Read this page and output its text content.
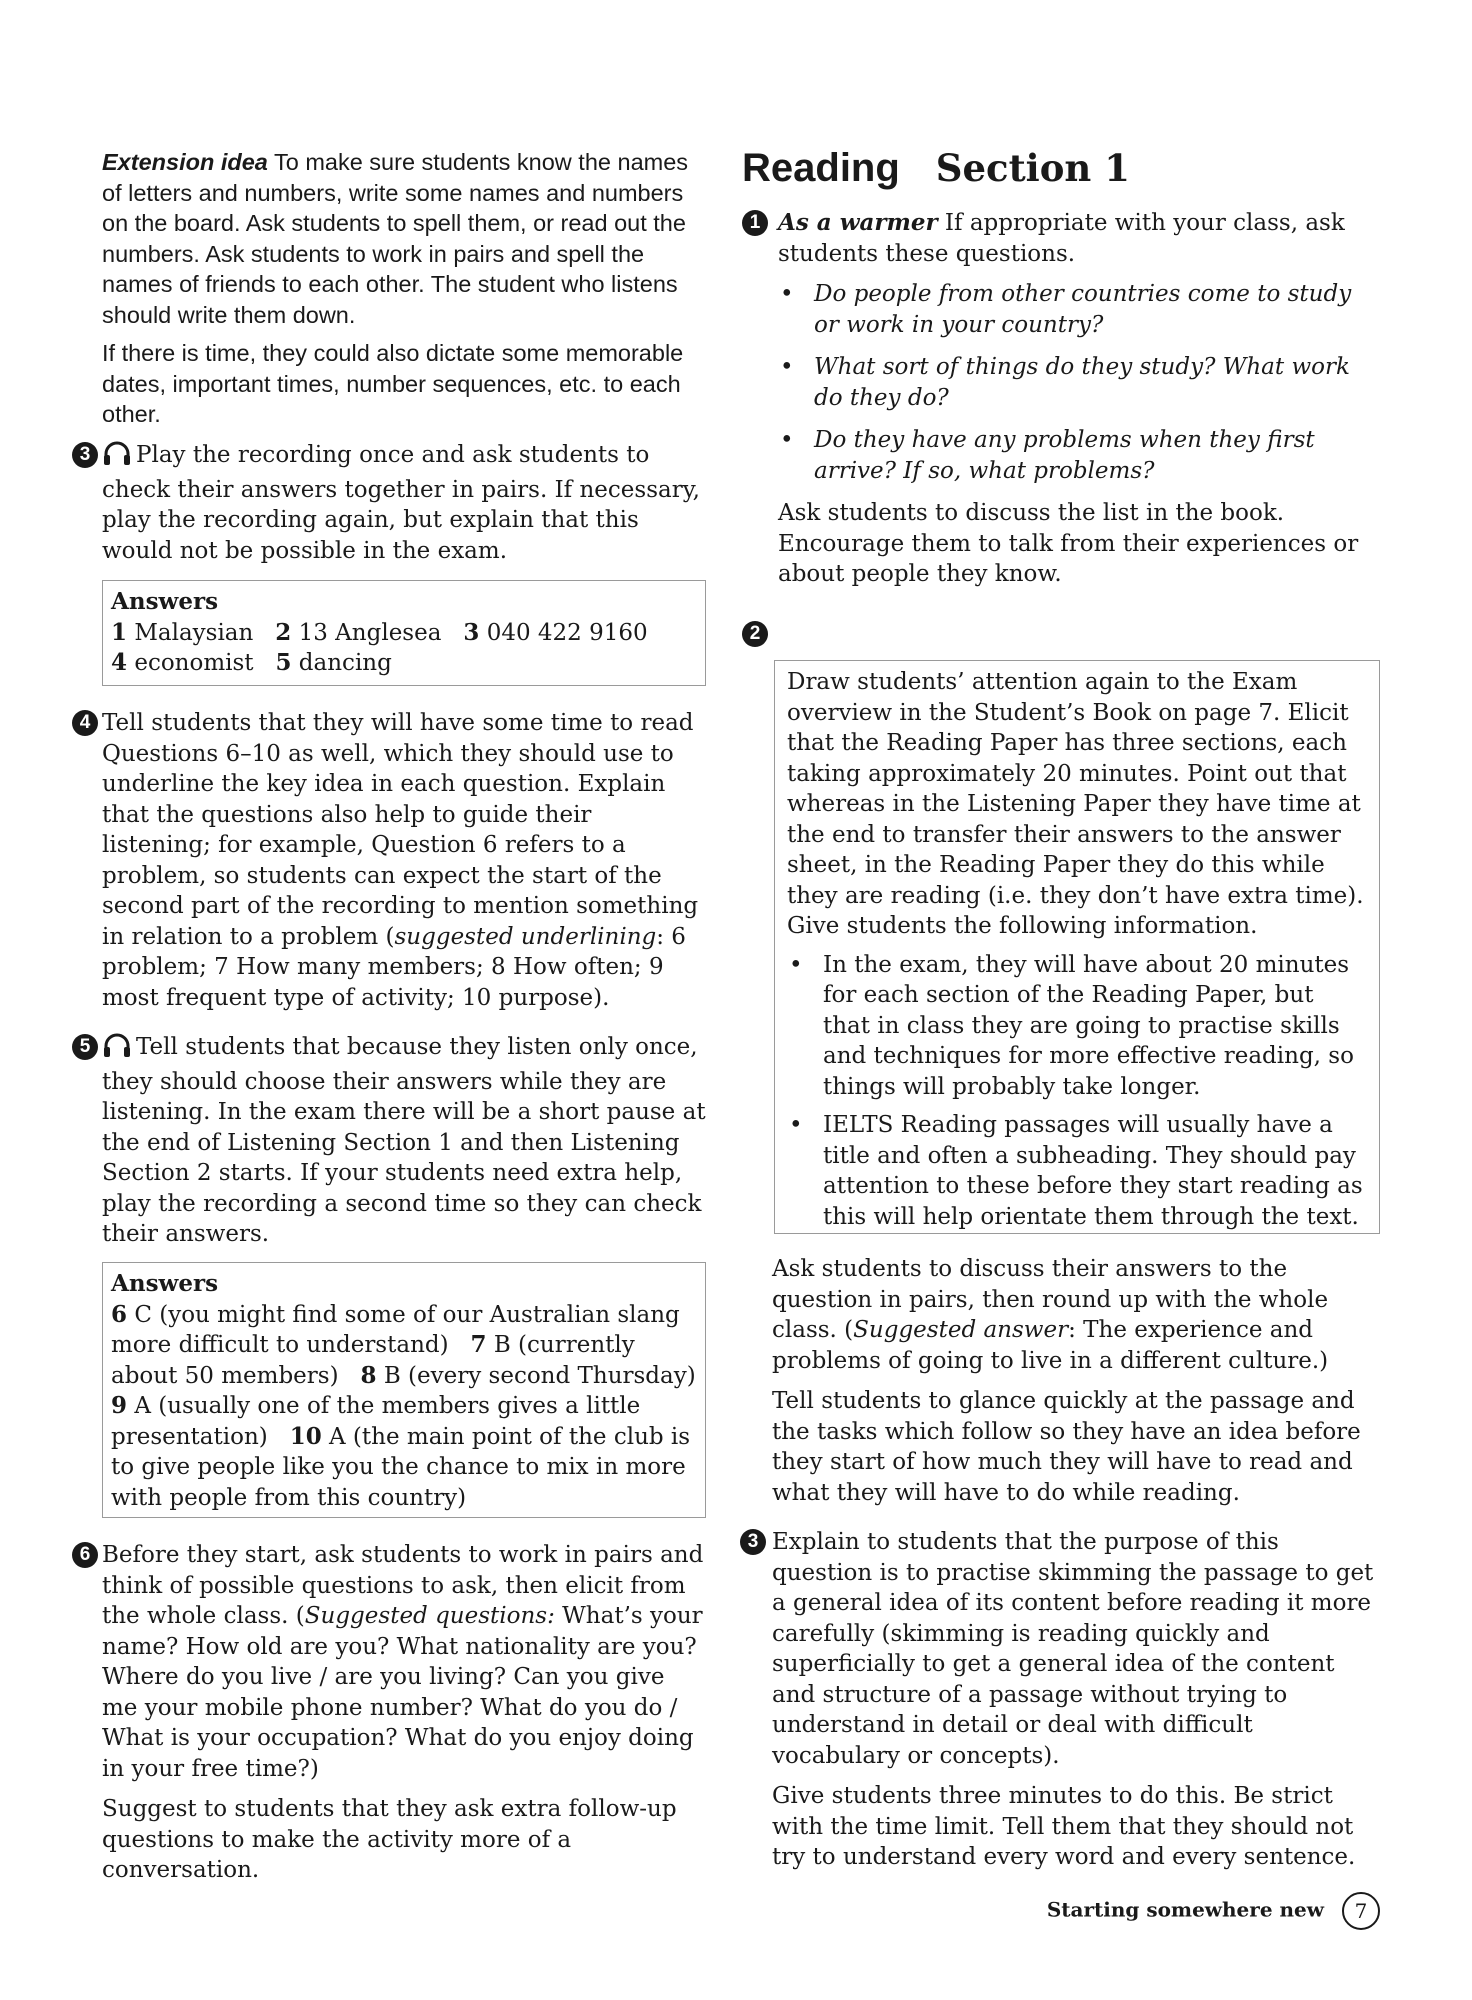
Extension idea To make sure students know the names of letters and numbers, write some names and numbers on the board. Ask students to spell them, or read out the numbers. Ask students to work in pairs and spell the names of friends to each other. The student who listens should write them down.

If there is time, they could also dictate some memorable dates, important times, number sequences, etc. to each other.

3	Play the recording once and ask students to check their answers together in pairs. If necessary, play the recording again, but explain that this would not be possible in the exam.

Answers

1 Malaysian 2 13 Anglesea 3 040 422 9160

4 economist 5 dancing

4 Tell students that they will have some time to read Questions 6–10 as well, which they should use to underline the key idea in each question. Explain that the questions also help to guide their listening; for example, Question 6 refers to a problem, so students can expect the start of the second part of the recording to mention something in relation to a problem (suggested underlining: 6 problem; 7 How many members; 8 How often; 9 most frequent type of activity; 10 purpose).

5	Tell students that because they listen only once, they should choose their answers while they are listening. In the exam there will be a short pause at the end of Listening Section 1 and then Listening Section 2 starts. If your students need extra help, play the recording a second time so they can check their answers.

Answers

6 C (you might find some of our Australian slang more difficult to understand) 7 B (currently about 50 members) 8 B (every second Thursday)
9 A (usually one of the members gives a little presentation) 10 A (the main point of the club is to give people like you the chance to mix in more with people from this country)

6 Before they start, ask students to work in pairs and think of possible questions to ask, then elicit from the whole class. (Suggested questions: What’s your name? How old are you? What nationality are you? Where do you live / are you living? Can you give me your mobile phone number? What do you do / What is your occupation? What do you enjoy doing in your free time?)

Suggest to students that they ask extra follow-up questions to make the activity more of a conversation.

Reading Section 1
1 As a warmer If appropriate with your class, ask students these questions.

• Do people from other countries come to study or work in your country?
• What sort of things do they study? What work do they do?
• Do they have any problems when they first arrive? If so, what problems?

Ask students to discuss the list in the book. Encourage them to talk from their experiences or about people they know.

2

Draw students’ attention again to the Exam overview in the Student’s Book on page 7. Elicit that the Reading Paper has three sections, each taking approximately 20 minutes. Point out that whereas in the Listening Paper they have time at the end to transfer their answers to the answer sheet, in the Reading Paper they do this while they are reading (i.e. they don’t have extra time). Give students the following information.

• In the exam, they will have about 20 minutes for each section of the Reading Paper, but that in class they are going to practise skills and techniques for more effective reading, so things will probably take longer.
• IELTS Reading passages will usually have a title and often a subheading. They should pay attention to these before they start reading as this will help orientate them through the text.

Ask students to discuss their answers to the question in pairs, then round up with the whole class. (Suggested answer: The experience and problems of going to live in a different culture.)

Tell students to glance quickly at the passage and the tasks which follow so they have an idea before they start of how much they will have to read and what they will have to do while reading.

3 Explain to students that the purpose of this question is to practise skimming the passage to get a general idea of its content before reading it more carefully (skimming is reading quickly and superficially to get a general idea of the content and structure of a passage without trying to understand in detail or deal with difficult vocabulary or concepts).

Give students three minutes to do this. Be strict with the time limit. Tell them that they should not try to understand every word and every sentence.

Starting somewhere new 7
